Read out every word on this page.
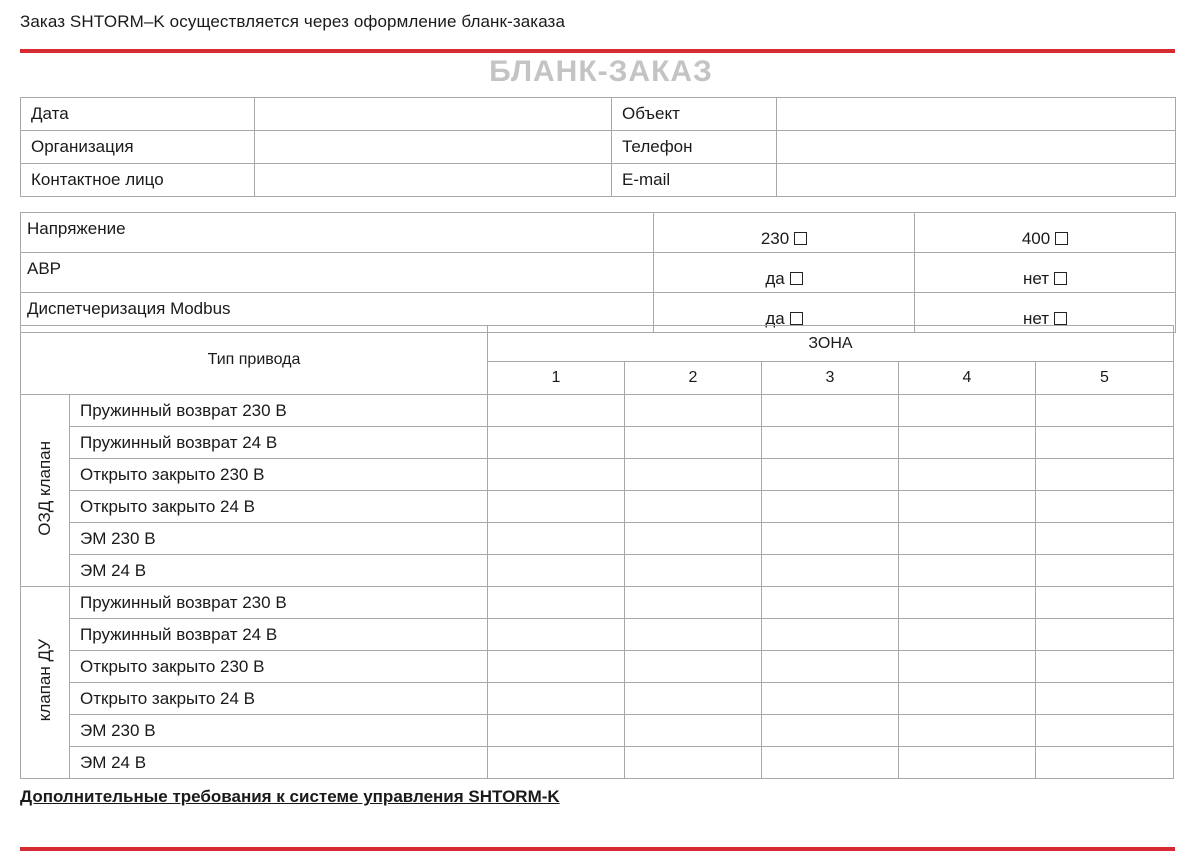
Заказ SHTORM–K осуществляется через оформление бланк-заказа
БЛАНК-ЗАКАЗ
Дата		Объект	
Организация		Телефон	
Контактное лицо		E-mail	
Напряжение	230	400
АВР	да	нет
Диспетчеризация Modbus	да	нет
Тип привода		ЗОНА				
		1	2	3	4	5
ОЗД клапан	Пружинный возврат 230 В					
	Пружинный возврат 24 В					
	Открыто закрыто 230 В					
	Открыто закрыто 24 В					
	ЭМ 230 В					
	ЭМ 24 В					
клапан ДУ	Пружинный возврат 230 В					
	Пружинный возврат 24 В					
	Открыто закрыто 230 В					
	Открыто закрыто 24 В					
	ЭМ 230 В					
	ЭМ 24 В					
Дополнительные требования к системе управления SHTORM-K
